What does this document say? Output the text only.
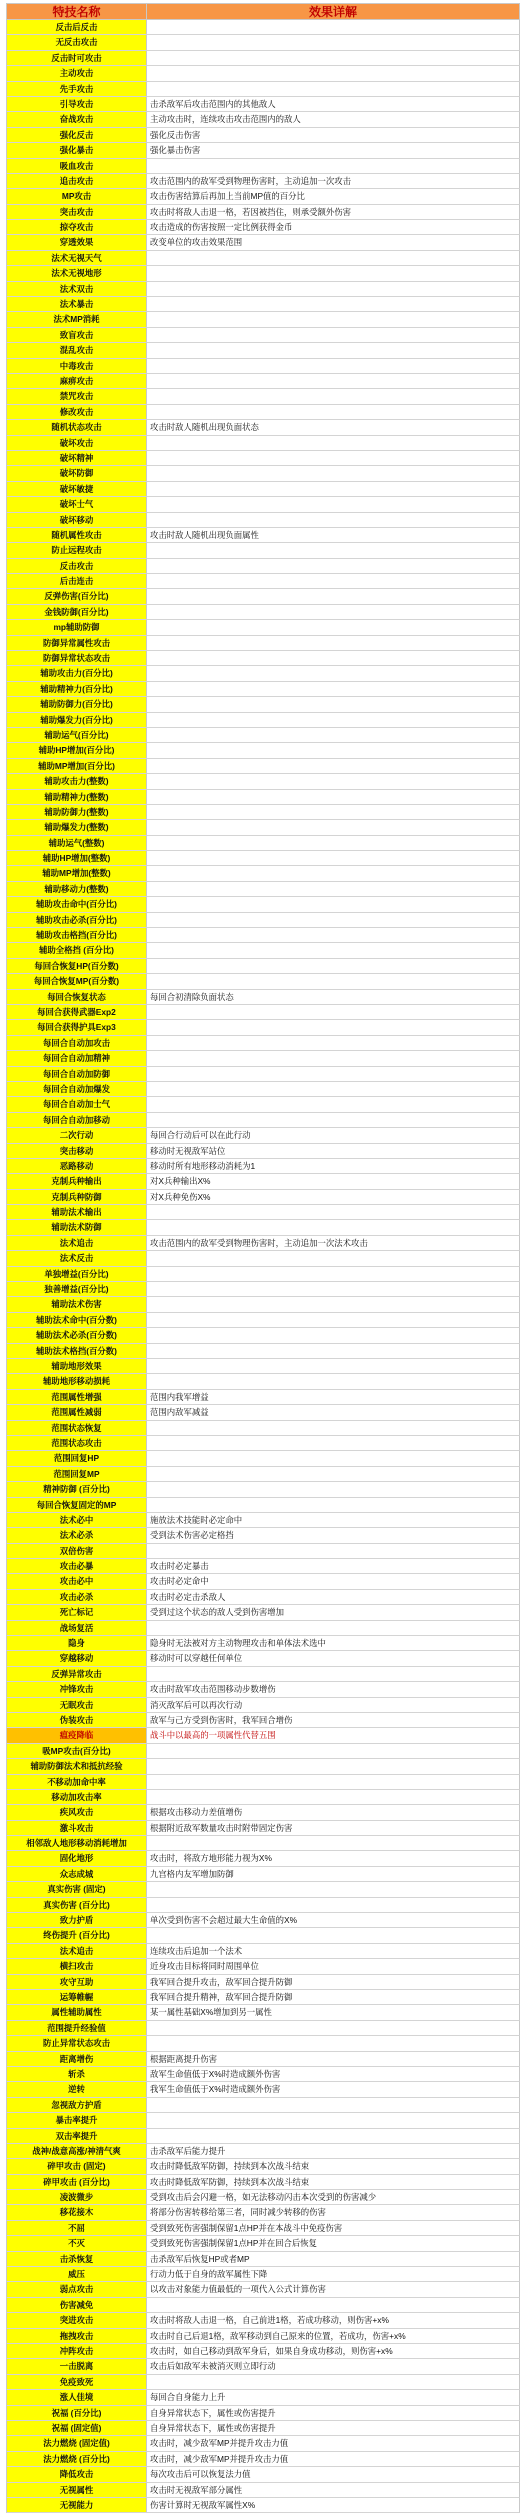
特技名称	效果详解
反击后反击
无反击攻击
反击时可攻击
主动攻击
先手攻击
引导攻击	击杀敌军后攻击范围内的其他敌人
奋战攻击	主动攻击时，连续攻击攻击范围内的敌人
强化反击	强化反击伤害
强化暴击	强化暴击伤害
吸血攻击
追击攻击	攻击范围内的敌军受到物理伤害时，主动追加一次攻击
MP攻击	攻击伤害结算后再加上当前MP值的百分比
突击攻击	攻击时将敌人击退一格，若因被挡住，则承受额外伤害
掠夺攻击	攻击造成的伤害按照一定比例获得金币
穿透效果	改变单位的攻击效果范围
法术无视天气
法术无视地形
法术双击
法术暴击
法术MP消耗
致盲攻击
混乱攻击
中毒攻击
麻痹攻击
禁咒攻击
修改攻击
随机状态攻击	攻击时敌人随机出现负面状态
破坏攻击
破坏精神
破坏防御
破坏敏捷
破坏士气
破坏移动
随机属性攻击	攻击时敌人随机出现负面属性
防止远程攻击
反击攻击
后击连击
反弹伤害(百分比)
金钱防御(百分比)
mp辅助防御
防御异常属性攻击
防御异常状态攻击
辅助攻击力(百分比)
辅助精神力(百分比)
辅助防御力(百分比)
辅助爆发力(百分比)
辅助运气(百分比)
辅助HP增加(百分比)
辅助MP增加(百分比)
辅助攻击力(整数)
辅助精神力(整数)
辅助防御力(整数)
辅助爆发力(整数)
辅助运气(整数)
辅助HP增加(整数)
辅助MP增加(整数)
辅助移动力(整数)
辅助攻击命中(百分比)
辅助攻击必杀(百分比)
辅助攻击格挡(百分比)
辅助全格挡 (百分比)
每回合恢复HP(百分数)
每回合恢复MP(百分数)
每回合恢复状态	每回合初清除负面状态
每回合获得武器Exp2
每回合获得护具Exp3
每回合自动加攻击
每回合自动加精神
每回合自动加防御
每回合自动加爆发
每回合自动加士气
每回合自动加移动
二次行动	每回合行动后可以在此行动
突击移动	移动时无视敌军站位
恶路移动	移动时所有地形移动消耗为1
克制兵种输出	对X兵种输出X%
克制兵种防御	对X兵种免伤X%
辅助法术输出
辅助法术防御
法术追击	攻击范围内的敌军受到物理伤害时，主动追加一次法术攻击
法术反击
单独增益(百分比)
独善增益(百分比)
辅助法术伤害
辅助法术命中(百分数)
辅助法术必杀(百分数)
辅助法术格挡(百分数)
辅助地形效果
辅助地形移动损耗
范围属性增强	范围内我军增益
范围属性减弱	范围内敌军减益
范围状态恢复
范围状态攻击
范围回复HP
范围回复MP
精神防御 (百分比)
每回合恢复固定的MP
法术必中	施放法术技能时必定命中
法术必杀	受到法术伤害必定格挡
双倍伤害
攻击必暴	攻击时必定暴击
攻击必中	攻击时必定命中
攻击必杀	攻击时必定击杀敌人
死亡标记	受到过这个状态的敌人受到伤害增加
战场复活
隐身	隐身时无法被对方主动物理攻击和单体法术选中
穿越移动	移动时可以穿越任何单位
反弹异常攻击
冲锋攻击	攻击时敌军攻击范围移动步数增伤
无眠攻击	消灭敌军后可以再次行动
伪装攻击	敌军与己方受到伤害时，我军回合增伤
瘟疫降临	战斗中以最高的一项属性代替五围
吸MP攻击(百分比)
辅助防御法术和抵抗经验
不移动加命中率
移动加攻击率
疾风攻击	根据攻击移动力差值增伤
激斗攻击	根据附近敌军数量攻击时附带固定伤害
相邻敌人地形移动消耗增加
固化地形	攻击时，将敌方地形能力视为X%
众志成城	九宫格内友军增加防御
真实伤害 (固定)
真实伤害 (百分比)
致力护盾	单次受到伤害不会超过最大生命值的X%
终伤提升 (百分比)
法术追击	连续攻击后追加一个法术
横扫攻击	近身攻击目标将同时周围单位
攻守互助	我军回合提升攻击，敌军回合提升防御
运筹帷幄	我军回合提升精神，敌军回合提升防御
属性辅助属性	某一属性基础X%增加到另一属性
范围提升经验值
防止异常状态攻击
距离增伤	根据距离提升伤害
斩杀	敌军生命值低于X%时造成额外伤害
逆转	我军生命值低于X%时造成额外伤害
忽视敌方护盾
暴击率提升
双击率提升
战神/战意高涨/神清气爽	击杀敌军后能力提升
碎甲攻击 (固定)	攻击时降低敌军防御，持续到本次战斗结束
碎甲攻击 (百分比)	攻击时降低敌军防御，持续到本次战斗结束
凌波微步	受到攻击后会闪避一格，如无法移动闪击本次受到的伤害减少
移花接木	将部分伤害转移给第三者，同时减少转移的伤害
不屈	受到致死伤害强制保留1点HP并在本战斗中免疫伤害
不灭	受到致死伤害强制保留1点HP并在回合后恢复
击杀恢复	击杀敌军后恢复HP或者MP
威压	行动力低于自身的敌军属性下降
弱点攻击	以攻击对象能力值最低的一项代入公式计算伤害
伤害减免
突进攻击	攻击时将敌人击退一格，自己前进1格，若成功移动，则伤害+x%
拖拽攻击	攻击时自己后退1格，敌军移动到自己原来的位置，若成功，伤害+x%
冲阵攻击	攻击时，如自己移动到敌军身后，如果自身成功移动，则伤害+x%
一击脱离	攻击后如敌军未被消灭则立即行动
免疫致死
涨人佳境	每回合自身能力上升
祝福 (百分比)	自身异常状态下，属性或伤害提升
祝福 (固定值)	自身异常状态下，属性或伤害提升
法力燃烧 (固定值)	攻击时，减少敌军MP并提升攻击力值
法力燃烧 (百分比)	攻击时，减少敌军MP并提升攻击力值
降低攻击	每次攻击后可以恢复法力值
无视属性	攻击时无视敌军部分属性
无视能力	伤害计算时无视敌军属性X%
